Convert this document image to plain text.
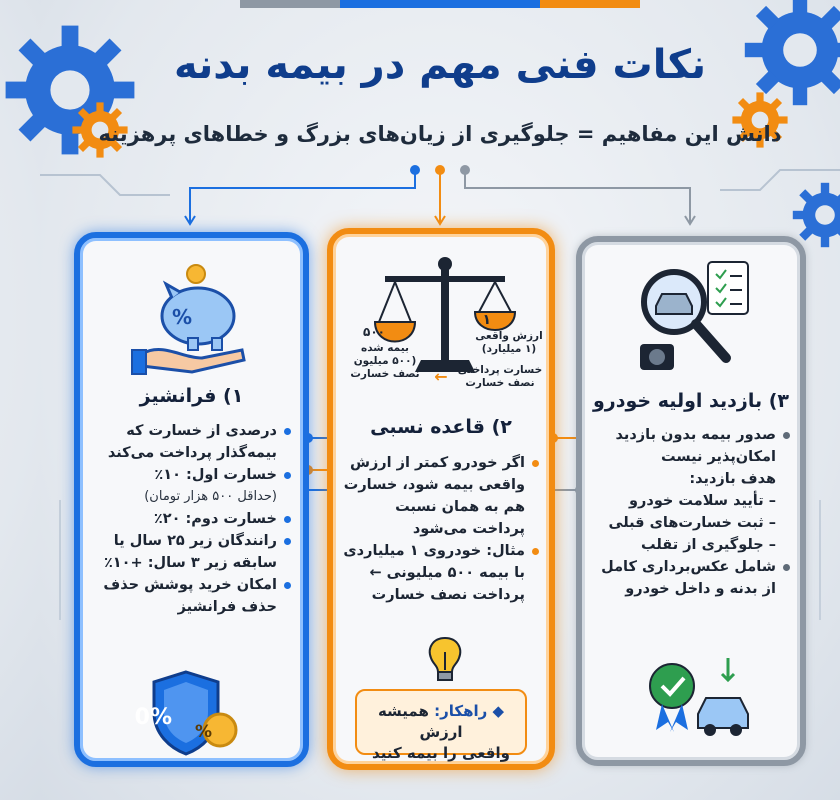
نکات فنی مهم در بیمه بدنه
دانش این مفاهیم = جلوگیری از زیان‌های بزرگ و خطاهای پرهزینه
%
۱) فرانشیز
درصدی از خسارت که
بیمه‌گذار پرداخت می‌کند
خسارت اول: ۱۰٪
(حداقل ۵۰۰ هزار تومان)
خسارت دوم: ۲۰٪
رانندگان زیر ۲۵ سال یا
سابقه زیر ۳ سال: +۱۰٪
امکان خرید پوشش حذف
حذف فرانشیز
0%
%
۵۰۰
۱
بیمه شده
(۵۰۰ میلیون
نصف خسارت
ارزش واقعی
(۱ میلیارد)
خسارت پرداختی
نصف خسارت
←
۲) قاعده نسبی
اگر خودرو کمتر از ارزش
واقعی بیمه شود، خسارت
هم به همان نسبت
پرداخت می‌شود
مثال: خودروی ۱ میلیاردی
با بیمه ۵۰۰ میلیونی ←
پرداخت نصف خسارت
◆ راهکار: همیشه ارزش
واقعی را بیمه کنید
۳) بازدید اولیه خودرو
صدور بیمه بدون بازدید
امکان‌پذیر نیست
هدف بازدید:
– تأیید سلامت خودرو
– ثبت خسارت‌های قبلی
– جلوگیری از تقلب
شامل عکس‌برداری کامل
از بدنه و داخل خودرو
